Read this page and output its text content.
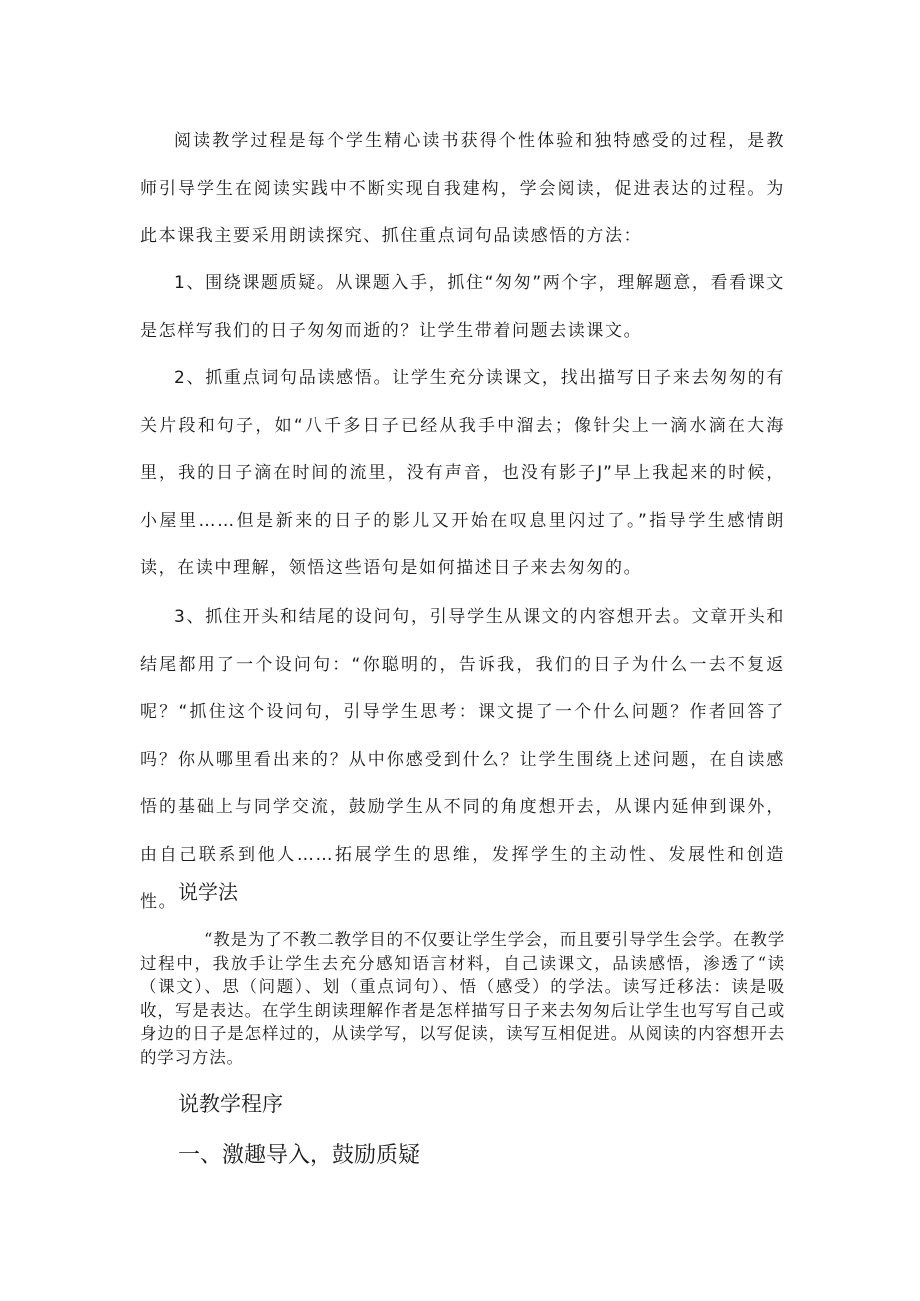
阅读教学过程是每个学生精心读书获得个性体验和独特感受的过程，是教师引导学生在阅读实践中不断实现自我建构，学会阅读，促进表达的过程。为此本课我主要采用朗读探究、抓住重点词句品读感悟的方法：

1、围绕课题质疑。从课题入手，抓住“匆匆”两个字，理解题意，看看课文是怎样写我们的日子匆匆而逝的？让学生带着问题去读课文。

2、抓重点词句品读感悟。让学生充分读课文，找出描写日子来去匆匆的有关片段和句子，如“八千多日子已经从我手中溜去；像针尖上一滴水滴在大海里，我的日子滴在时间的流里，没有声音，也没有影子J”早上我起来的时候，小屋里……但是新来的日子的影儿又开始在叹息里闪过了。”指导学生感情朗读，在读中理解，领悟这些语句是如何描述日子来去匆匆的。

3、抓住开头和结尾的设问句，引导学生从课文的内容想开去。文章开头和结尾都用了一个设问句：“你聪明的，告诉我，我们的日子为什么一去不复返呢？“抓住这个设问句，引导学生思考：课文提了一个什么问题？作者回答了吗？你从哪里看出来的？从中你感受到什么？让学生围绕上述问题，在自读感悟的基础上与同学交流，鼓励学生从不同的角度想开去，从课内延伸到课外，由自己联系到他人……拓展学生的思维，发挥学生的主动性、发展性和创造性。 说学法

“教是为了不教二教学目的不仅要让学生学会，而且要引导学生会学。在教学过程中，我放手让学生去充分感知语言材料，自己读课文，品读感悟，渗透了“读（课文）、思（问题）、划（重点词句）、悟（感受）的学法。读写迁移法：读是吸收，写是表达。在学生朗读理解作者是怎样描写日子来去匆匆后让学生也写写自己或身边的日子是怎样过的，从读学写，以写促读，读写互相促进。从阅读的内容想开去的学习方法。

说教学程序
一、激趣导入，鼓励质疑
